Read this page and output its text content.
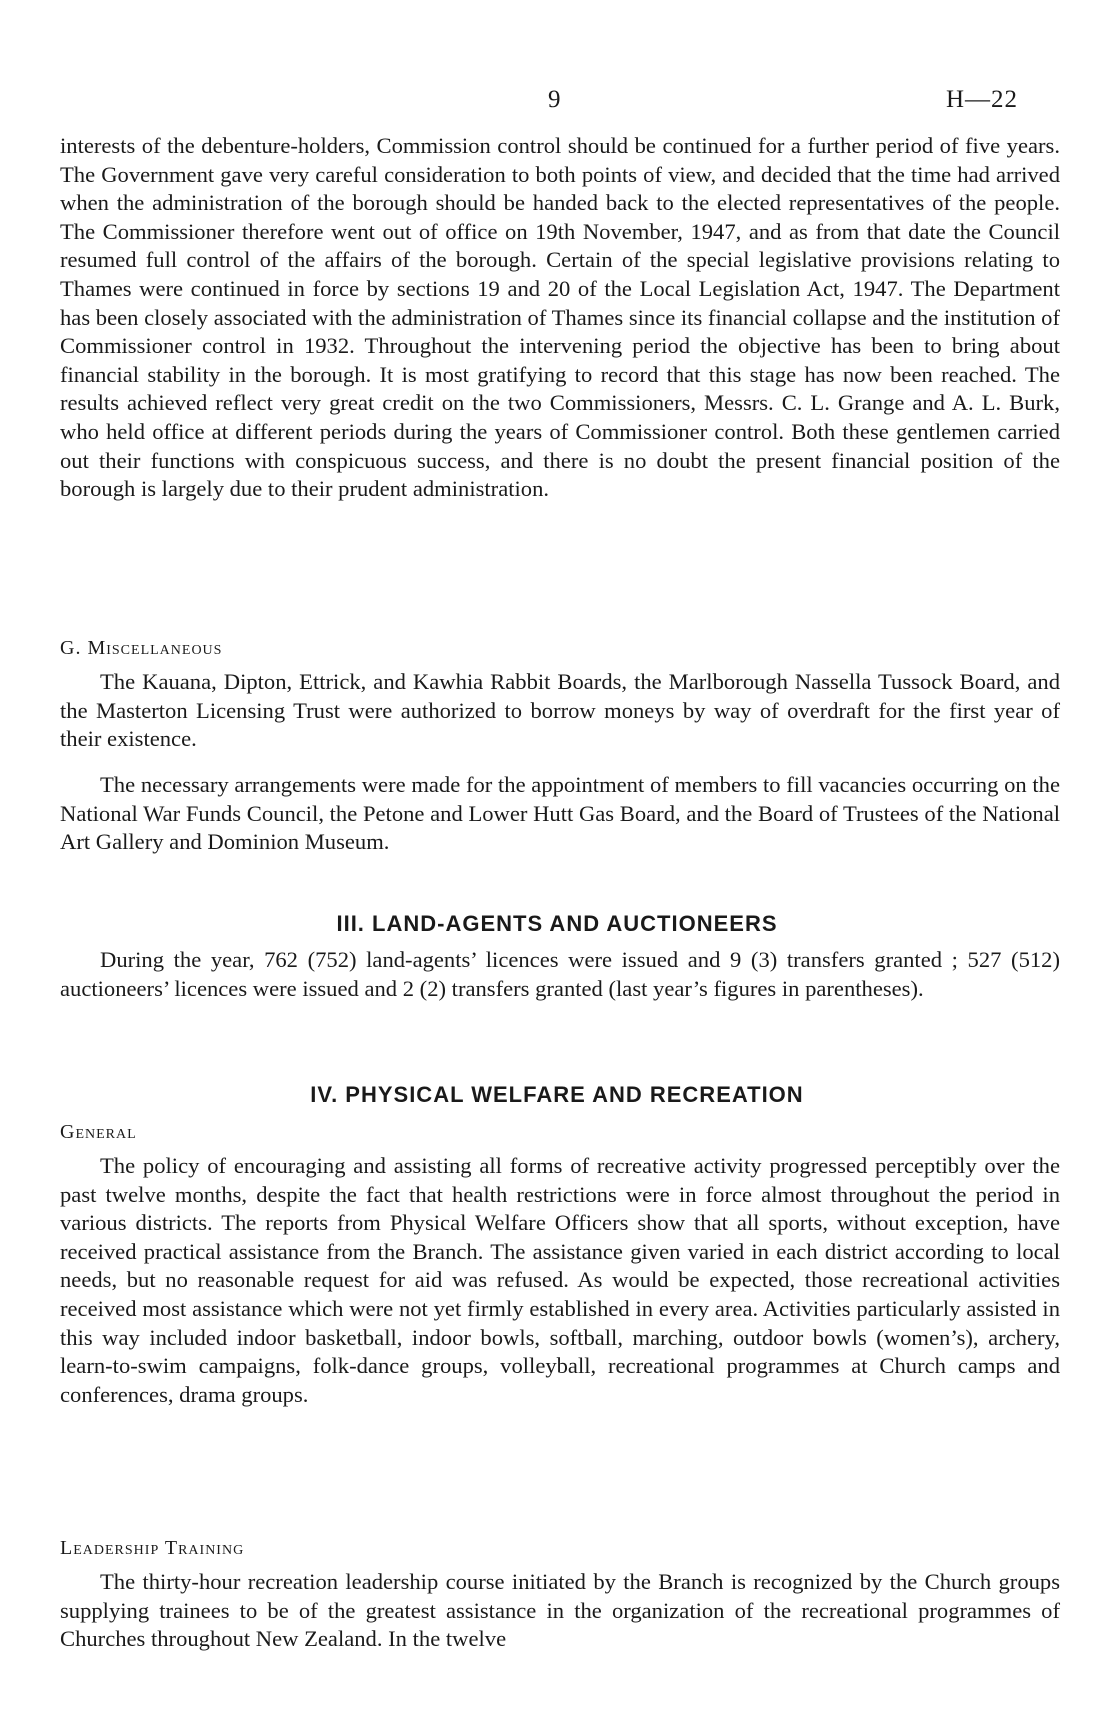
9	H—22

interests of the debenture-holders, Commission control should be continued for a further period of five years. The Government gave very careful consideration to both points of view, and decided that the time had arrived when the administration of the borough should be handed back to the elected representatives of the people. The Commissioner therefore went out of office on 19th November, 1947, and as from that date the Council resumed full control of the affairs of the borough. Certain of the special legislative provisions relating to Thames were continued in force by sections 19 and 20 of the Local Legislation Act, 1947. The Department has been closely associated with the administration of Thames since its financial collapse and the institution of Commissioner control in 1932. Throughout the intervening period the objective has been to bring about financial stability in the borough. It is most gratifying to record that this stage has now been reached. The results achieved reflect very great credit on the two Commissioners, Messrs. C. L. Grange and A. L. Burk, who held office at different periods during the years of Commissioner control. Both these gentlemen carried out their functions with conspicuous success, and there is no doubt the present financial position of the borough is largely due to their prudent administration.

G. Miscellaneous

The Kauana, Dipton, Ettrick, and Kawhia Rabbit Boards, the Marlborough Nassella Tussock Board, and the Masterton Licensing Trust were authorized to borrow moneys by way of overdraft for the first year of their existence.

The necessary arrangements were made for the appointment of members to fill vacancies occurring on the National War Funds Council, the Petone and Lower Hutt Gas Board, and the Board of Trustees of the National Art Gallery and Dominion Museum.

III. LAND-AGENTS AND AUCTIONEERS

During the year, 762 (752) land-agents’ licences were issued and 9 (3) transfers granted ; 527 (512) auctioneers’ licences were issued and 2 (2) transfers granted (last year’s figures in parentheses).

IV. PHYSICAL WELFARE AND RECREATION
General

The policy of encouraging and assisting all forms of recreative activity progressed perceptibly over the past twelve months, despite the fact that health restrictions were in force almost throughout the period in various districts. The reports from Physical Welfare Officers show that all sports, without exception, have received practical assistance from the Branch. The assistance given varied in each district according to local needs, but no reasonable request for aid was refused. As would be expected, those recreational activities received most assistance which were not yet firmly established in every area. Activities particularly assisted in this way included indoor basketball, indoor bowls, softball, marching, outdoor bowls (women’s), archery, learn-to-swim campaigns, folk-dance groups, volleyball, recreational programmes at Church camps and conferences, drama groups.

Leadership Training

The thirty-hour recreation leadership course initiated by the Branch is recognized by the Church groups supplying trainees to be of the greatest assistance in the organization of the recreational programmes of Churches throughout New Zealand. In the twelve
